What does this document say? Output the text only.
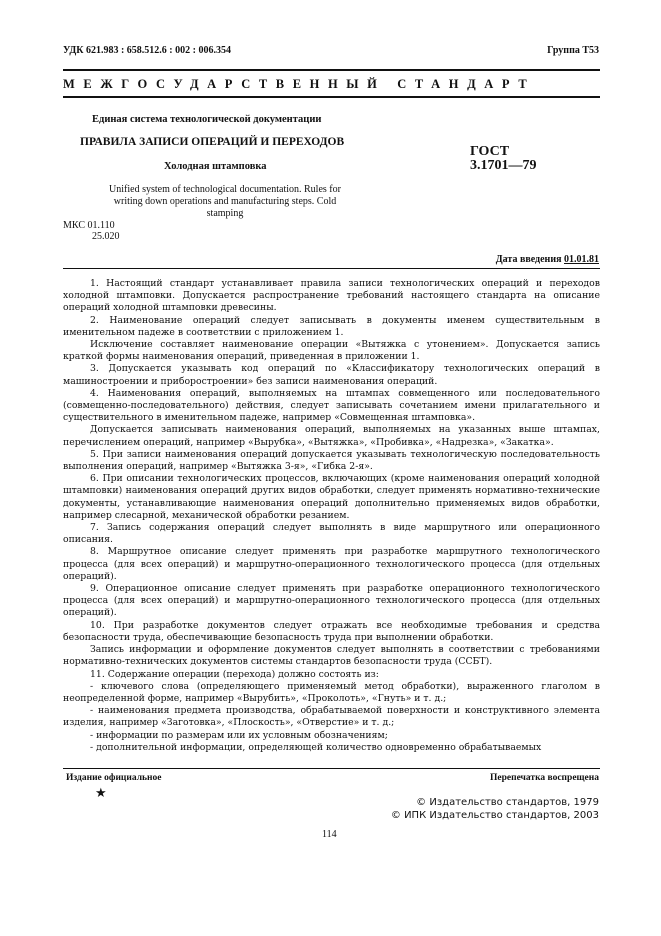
УДК 621.983 : 658.512.6 : 002 : 006.354	Группа Т53
МЕЖГОСУДАРСТВЕННЫЙ СТАНДАРТ
Единая система технологической документации
ПРАВИЛА ЗАПИСИ ОПЕРАЦИЙ И ПЕРЕХОДОВ
Холодная штамповка
ГОСТ
3.1701—79
Unified system of technological documentation. Rules for writing down operations and manufacturing steps. Cold stamping
МКС 01.110
25.020
Дата введения 01.01.81

1. Настоящий стандарт устанавливает правила записи технологических операций и переходов холодной штамповки. Допускается распространение требований настоящего стандарта на описание операций холодной штамповки древесины.

2. Наименование операций следует записывать в документы именем существительным в именительном падеже в соответствии с приложением 1.

Исключение составляет наименование операции «Вытяжка с утонением». Допускается запись краткой формы наименования операций, приведенная в приложении 1.

3. Допускается указывать код операций по «Классификатору технологических операций в машиностроении и приборостроении» без записи наименования операций.

4. Наименования операций, выполняемых на штампах совмещенного или последовательного (совмещенно-последовательного) действия, следует записывать сочетанием имени прилагательного и существительного в именительном падеже, например «Совмещенная штамповка».

Допускается записывать наименования операций, выполняемых на указанных выше штампах, перечислением операций, например «Вырубка», «Вытяжка», «Пробивка», «Надрезка», «Закатка».

5. При записи наименования операций допускается указывать технологическую последовательность выполнения операций, например «Вытяжка 3-я», «Гибка 2-я».

6. При описании технологических процессов, включающих (кроме наименования операций холодной штамповки) наименования операций других видов обработки, следует применять нормативно-технические документы, устанавливающие наименования операций дополнительно применяемых видов обработки, например слесарной, механической обработки резанием.

7. Запись содержания операций следует выполнять в виде маршрутного или операционного описания.

8. Маршрутное описание следует применять при разработке маршрутного технологического процесса (для всех операций) и маршрутно-операционного технологического процесса (для отдельных операций).

9. Операционное описание следует применять при разработке операционного технологического процесса (для всех операций) и маршрутно-операционного технологического процесса (для отдельных операций).

10. При разработке документов следует отражать все необходимые требования и средства безопасности труда, обеспечивающие безопасность труда при выполнении обработки.

Запись информации и оформление документов следует выполнять в соответствии с требованиями нормативно-технических документов системы стандартов безопасности труда (ССБТ).

11. Содержание операции (перехода) должно состоять из:

- ключевого слова (определяющего применяемый метод обработки), выраженного глаголом в неопределенной форме, например «Вырубить», «Проколоть», «Гнуть» и т. д.;

- наименования предмета производства, обрабатываемой поверхности и конструктивного элемента изделия, например «Заготовка», «Плоскость», «Отверстие» и т. д.;

- информации по размерам или их условным обозначениям;

- дополнительной информации, определяющей количество одновременно обрабатываемых

Издание официальное
★
Перепечатка воспрещена
© Издательство стандартов, 1979
© ИПК Издательство стандартов, 2003
114
